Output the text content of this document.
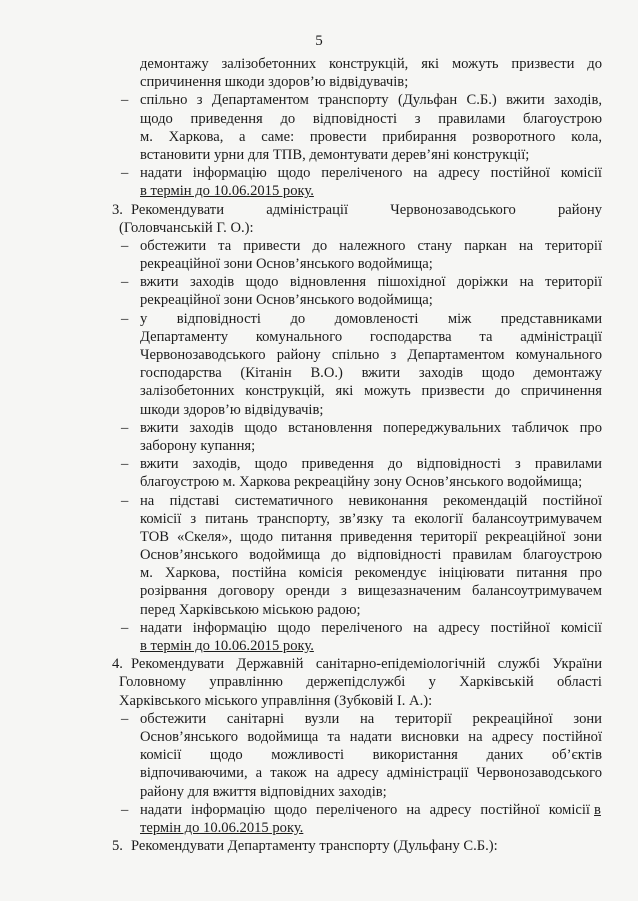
5
демонтажу залізобетонних конструкцій, які можуть призвести до
спричинення шкоди здоров’ю відвідувачів;
– спільно з Департаментом транспорту (Дульфан С.Б.) вжити заходів,
щодо приведення до відповідності з правилами благоустрою
м. Харкова, а саме: провести прибирання розворотного кола,
встановити урни для ТПВ, демонтувати дерев’яні конструкції;
– надати інформацію щодо переліченого на адресу постійної комісії
в термін до 10.06.2015 року.
3. Рекомендувати адміністрації Червонозаводського району
(Головчанській Г. О.):
– обстежити та привести до належного стану паркан на території
рекреаційної зони Основ’янського водоймища;
– вжити заходів щодо відновлення пішохідної доріжки на території
рекреаційної зони Основ’янського водоймища;
– у відповідності до домовленості між представниками
Департаменту комунального господарства та адміністрації
Червонозаводського району спільно з Департаментом комунального
господарства (Кітанін В.О.) вжити заходів щодо демонтажу
залізобетонних конструкцій, які можуть призвести до спричинення
шкоди здоров’ю відвідувачів;
– вжити заходів щодо встановлення попереджувальних табличок про
заборону купання;
– вжити заходів, щодо приведення до відповідності з правилами
благоустрою м. Харкова рекреаційну зону Основ’янського водоймища;
– на підставі систематичного невиконання рекомендацій постійної
комісії з питань транспорту, зв’язку та екології балансоутримувачем
ТОВ «Скеля», щодо питання приведення території рекреаційної зони
Основ’янського водоймища до відповідності правилам благоустрою
м. Харкова, постійна комісія рекомендує ініціювати питання про
розірвання договору оренди з вищезазначеним балансоутримувачем
перед Харківською міською радою;
– надати інформацію щодо переліченого на адресу постійної комісії
в термін до 10.06.2015 року.
4. Рекомендувати Державній санітарно-епідеміологічній службі України
Головному управлінню держепідслужбі у Харківській області
Харківського міського управління (Зубковій І. А.):
– обстежити санітарні вузли на території рекреаційної зони
Основ’янського водоймища та надати висновки на адресу постійної
комісії щодо можливості використання даних об’єктів
відпочиваючими, а також на адресу адміністрації Червонозаводського
району для вжиття відповідних заходів;
– надати інформацію щодо переліченого на адресу постійної комісії в
термін до 10.06.2015 року.
5. Рекомендувати Департаменту транспорту (Дульфану С.Б.):
